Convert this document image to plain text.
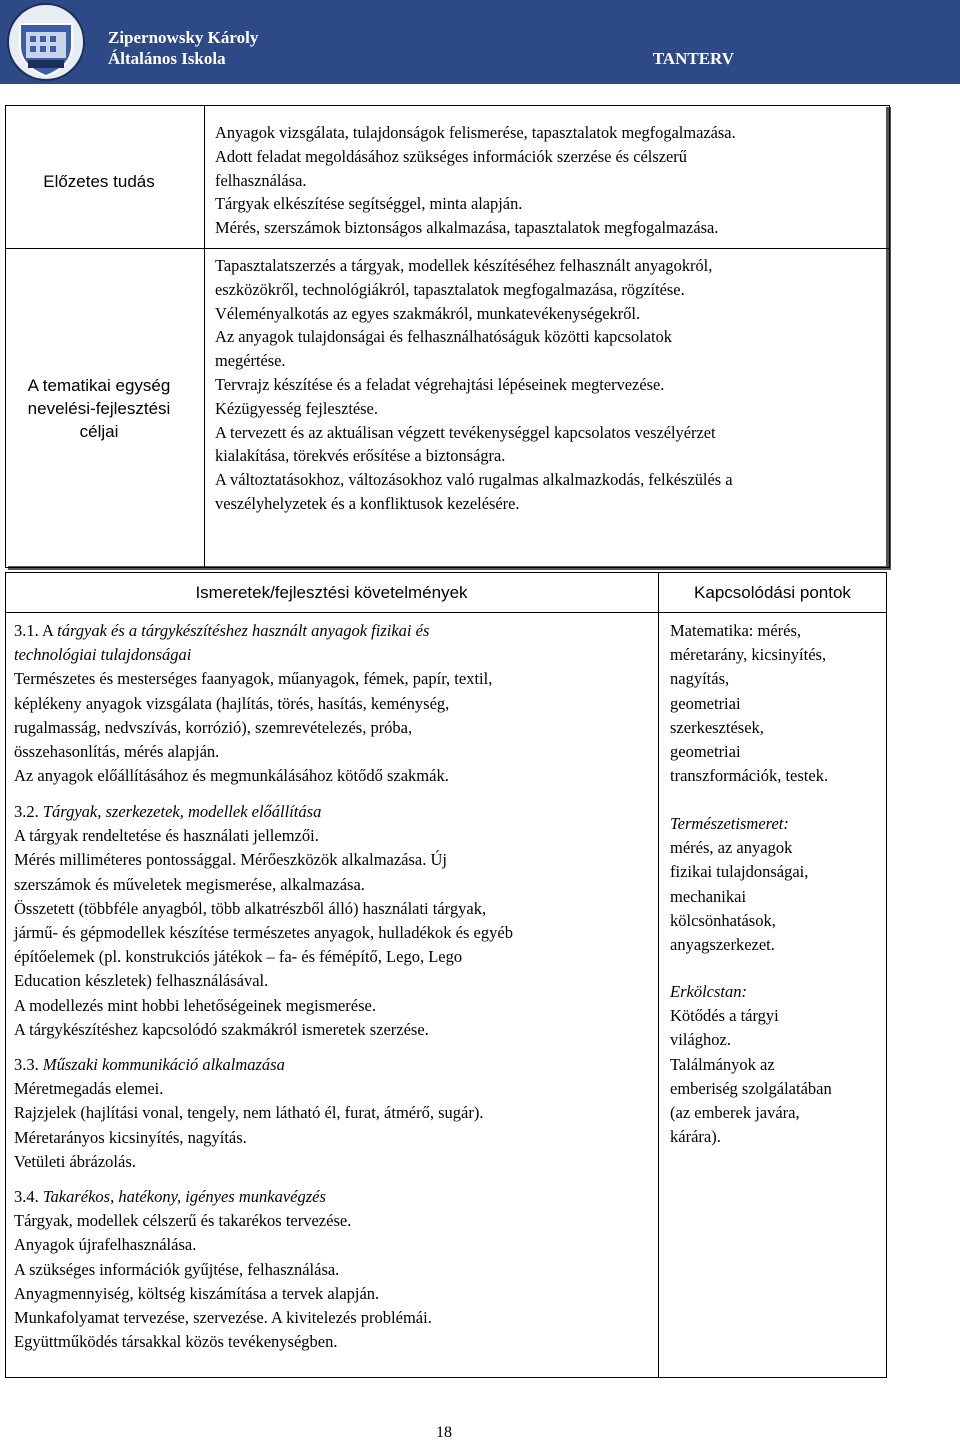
Zipernowsky Károly
Általános Iskola	TANTERV
Előzetes tudás
A tematikai egység
nevelési-fejlesztési
céljai

Anyagok vizsgálata, tulajdonságok felismerése, tapasztalatok megfogalmazása.

Adott feladat megoldásához szükséges információk szerzése és célszerű

felhasználása.

Tárgyak elkészítése segítséggel, minta alapján.

Mérés, szerszámok biztonságos alkalmazása, tapasztalatok megfogalmazása.

Tapasztalatszerzés a tárgyak, modellek készítéséhez felhasznált anyagokról,

eszközökről, technológiákról, tapasztalatok megfogalmazása, rögzítése.

Véleményalkotás az egyes szakmákról, munkatevékenységekről.

Az anyagok tulajdonságai és felhasználhatóságuk közötti kapcsolatok

megértése.

Tervrajz készítése és a feladat végrehajtási lépéseinek megtervezése.

Kézügyesség fejlesztése.

A tervezett és az aktuálisan végzett tevékenységgel kapcsolatos veszélyérzet

kialakítása, törekvés erősítése a biztonságra.

A változtatásokhoz, változásokhoz való rugalmas alkalmazkodás, felkészülés a

veszélyhelyzetek és a konfliktusok kezelésére.

Ismeretek/fejlesztési követelmények	Kapcsolódási pontok

3.1. A tárgyak és a tárgykészítéshez használt anyagok fizikai és

technológiai tulajdonságai

Természetes és mesterséges faanyagok, műanyagok, fémek, papír, textil,

képlékeny anyagok vizsgálata (hajlítás, törés, hasítás, keménység,

rugalmasság, nedvszívás, korrózió), szemrevételezés, próba,

összehasonlítás, mérés alapján.

Az anyagok előállításához és megmunkálásához kötődő szakmák.

3.2. Tárgyak, szerkezetek, modellek előállítása

A tárgyak rendeltetése és használati jellemzői.

Mérés milliméteres pontossággal. Mérőeszközök alkalmazása. Új

szerszámok és műveletek megismerése, alkalmazása.

Összetett (többféle anyagból, több alkatrészből álló) használati tárgyak,

jármű- és gépmodellek készítése természetes anyagok, hulladékok és egyéb

építőelemek (pl. konstrukciós játékok – fa- és fémépítő, Lego, Lego

Education készletek) felhasználásával.

A modellezés mint hobbi lehetőségeinek megismerése.

A tárgykészítéshez kapcsolódó szakmákról ismeretek szerzése.

3.3. Műszaki kommunikáció alkalmazása

Méretmegadás elemei.

Rajzjelek (hajlítási vonal, tengely, nem látható él, furat, átmérő, sugár).

Méretarányos kicsinyítés, nagyítás.

Vetületi ábrázolás.

3.4. Takarékos, hatékony, igényes munkavégzés

Tárgyak, modellek célszerű és takarékos tervezése.

Anyagok újrafelhasználása.

A szükséges információk gyűjtése, felhasználása.

Anyagmennyiség, költség kiszámítása a tervek alapján.

Munkafolyamat tervezése, szervezése. A kivitelezés problémái.

Együttműködés társakkal közös tevékenységben.

Matematika: mérés,

méretarány, kicsinyítés,

nagyítás,

geometriai

szerkesztések,

geometriai

transzformációk, testek.

Természetismeret:

mérés, az anyagok

fizikai tulajdonságai,

mechanikai

kölcsönhatások,

anyagszerkezet.

Erkölcstan:

Kötődés a tárgyi

világhoz.

Találmányok az

emberiség szolgálatában

(az emberek javára,

kárára).

18
